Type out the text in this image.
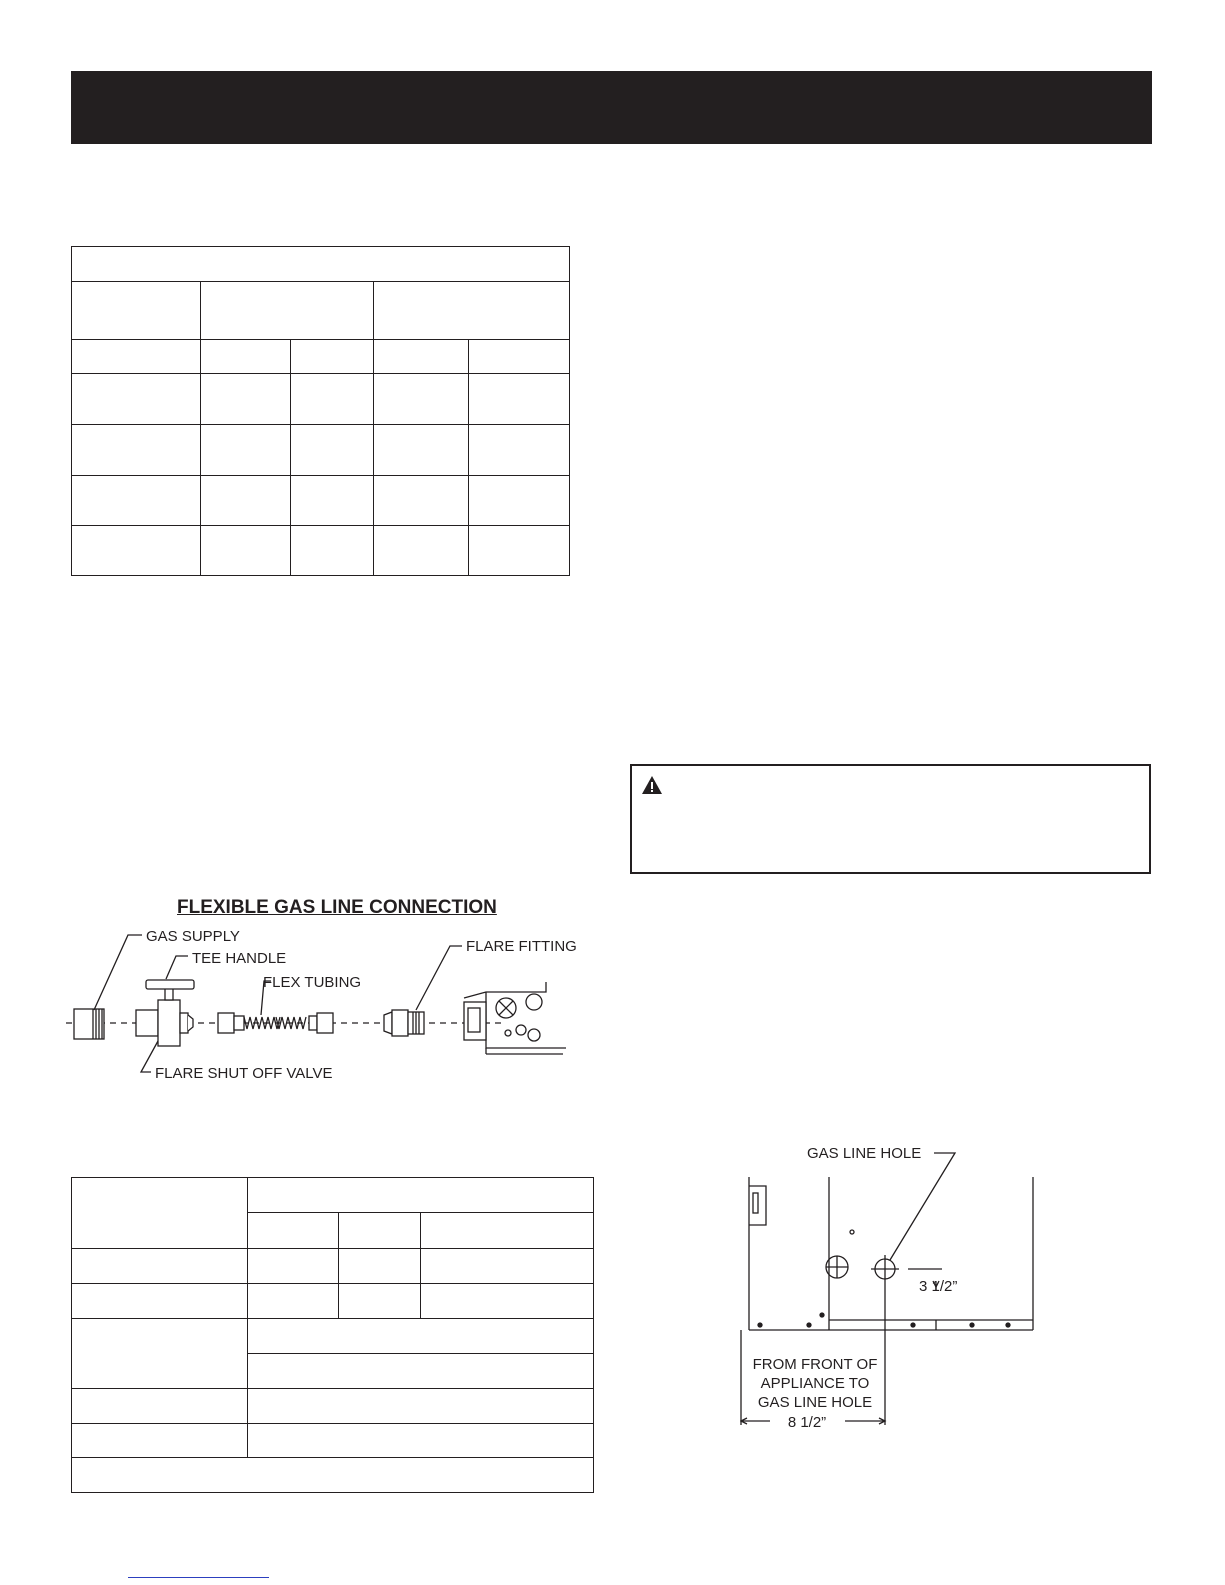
FLEXIBLE GAS LINE CONNECTION
GAS SUPPLY
TEE HANDLE
FLEX TUBING
FLARE FITTING
FLARE SHUT OFF VALVE

GAS LINE HOLE
3 1/2”
FROM FRONT OF
APPLIANCE TO
GAS LINE HOLE
8 1/2”
